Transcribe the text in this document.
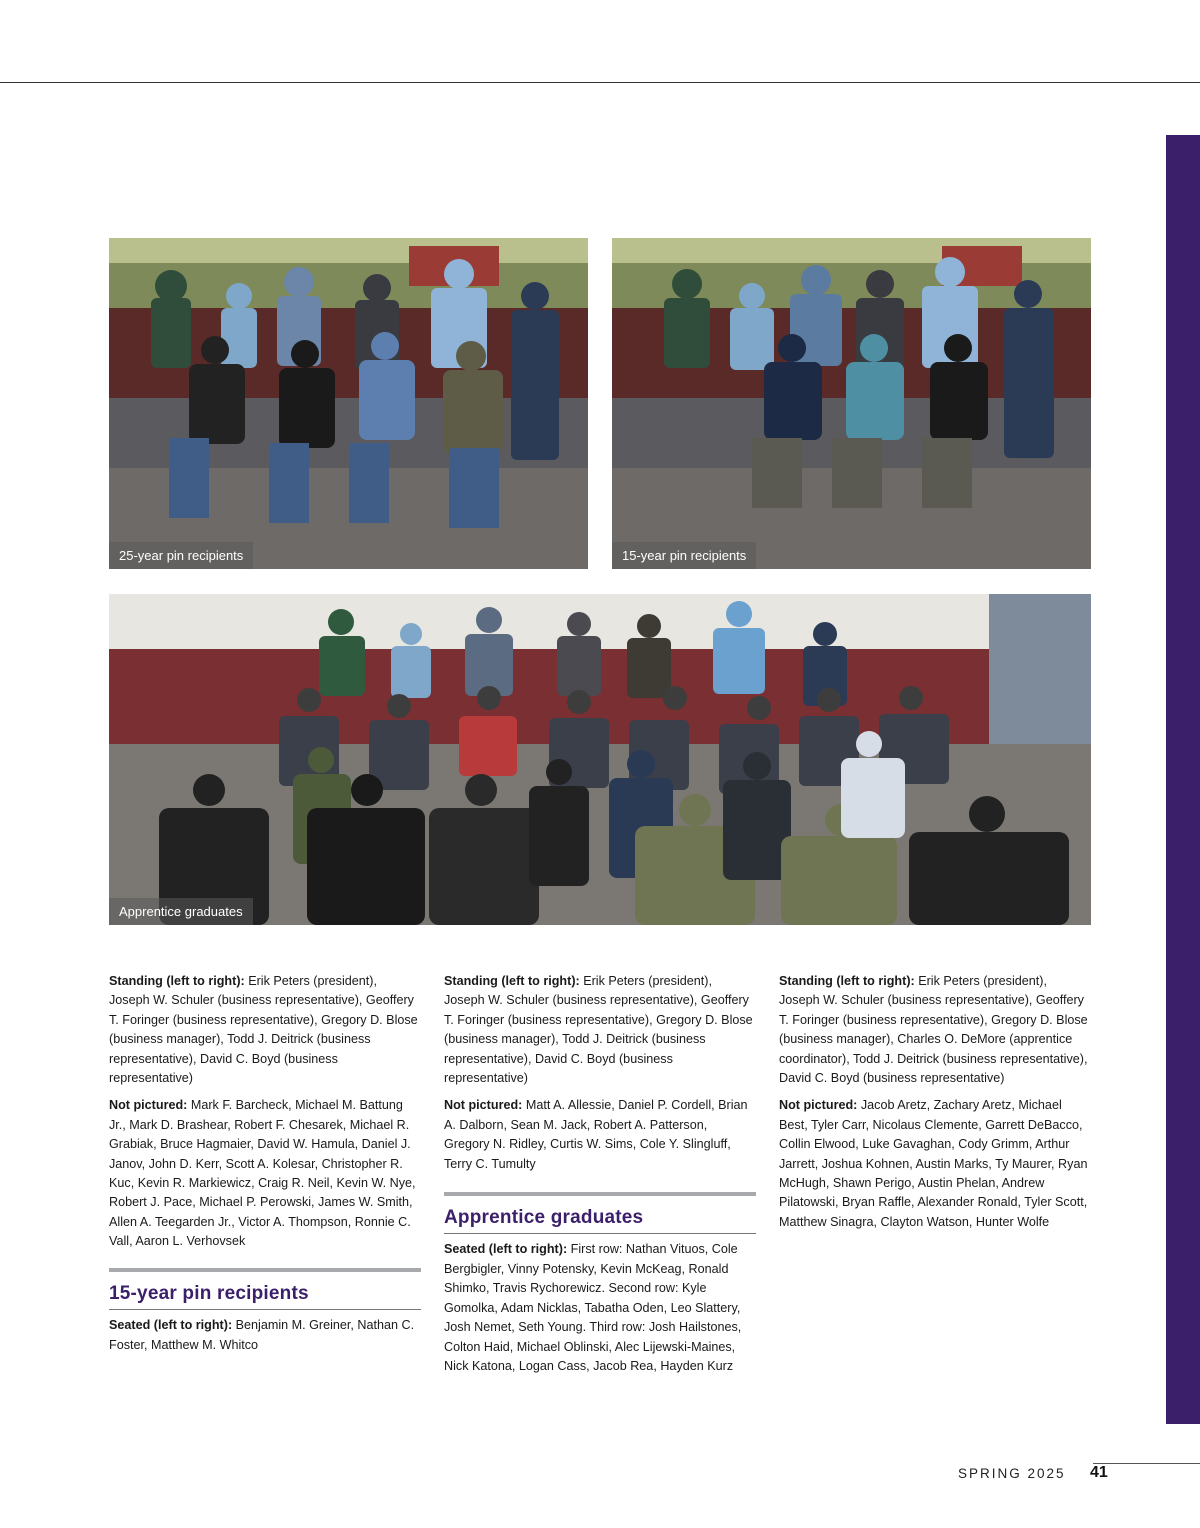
25-year pin recipients	15-year pin recipients
Apprentice graduates

Standing (left to right): Erik Peters (president), Joseph W. Schuler (business representative), Geoffery T. Foringer (business representative), Gregory D. Blose (business manager), Todd J. Deitrick (business representative), David C. Boyd (business representative)

Not pictured: Mark F. Barcheck, Michael M. Battung Jr., Mark D. Brashear, Robert F. Chesarek, Michael R. Grabiak, Bruce Hagmaier, David W. Hamula, Daniel J. Janov, John D. Kerr, Scott A. Kolesar, Christopher R. Kuc, Kevin R. Markiewicz, Craig R. Neil, Kevin W. Nye, Robert J. Pace, Michael P. Perowski, James W. Smith, Allen A. Teegarden Jr., Victor A. Thompson, Ronnie C. Vall, Aaron L. Verhovsek

15-year pin recipients

Seated (left to right): Benjamin M. Greiner, Nathan C. Foster, Matthew M. Whitco

Standing (left to right): Erik Peters (president), Joseph W. Schuler (business representative), Geoffery T. Foringer (business representative), Gregory D. Blose (business manager), Todd J. Deitrick (business representative), David C. Boyd (business representative)

Not pictured: Matt A. Allessie, Daniel P. Cordell, Brian A. Dalborn, Sean M. Jack, Robert A. Patterson, Gregory N. Ridley, Curtis W. Sims, Cole Y. Slingluff, Terry C. Tumulty

Apprentice graduates

Seated (left to right): First row: Nathan Vituos, Cole Bergbigler, Vinny Potensky, Kevin McKeag, Ronald Shimko, Travis Rychorewicz. Second row: Kyle Gomolka, Adam Nicklas, Tabatha Oden, Leo Slattery, Josh Nemet, Seth Young. Third row: Josh Hailstones, Colton Haid, Michael Oblinski, Alec Lijewski-Maines, Nick Katona, Logan Cass, Jacob Rea, Hayden Kurz

Standing (left to right): Erik Peters (president), Joseph W. Schuler (business representative), Geoffery T. Foringer (business representative), Gregory D. Blose (business manager), Charles O. DeMore (apprentice coordinator), Todd J. Deitrick (business representative), David C. Boyd (business representative)

Not pictured: Jacob Aretz, Zachary Aretz, Michael Best, Tyler Carr, Nicolaus Clemente, Garrett DeBacco, Collin Elwood, Luke Gavaghan, Cody Grimm, Arthur Jarrett, Joshua Kohnen, Austin Marks, Ty Maurer, Ryan McHugh, Shawn Perigo, Austin Phelan, Andrew Pilatowski, Bryan Raffle, Alexander Ronald, Tyler Scott, Matthew Sinagra, Clayton Watson, Hunter Wolfe

SPRING 2025 41
